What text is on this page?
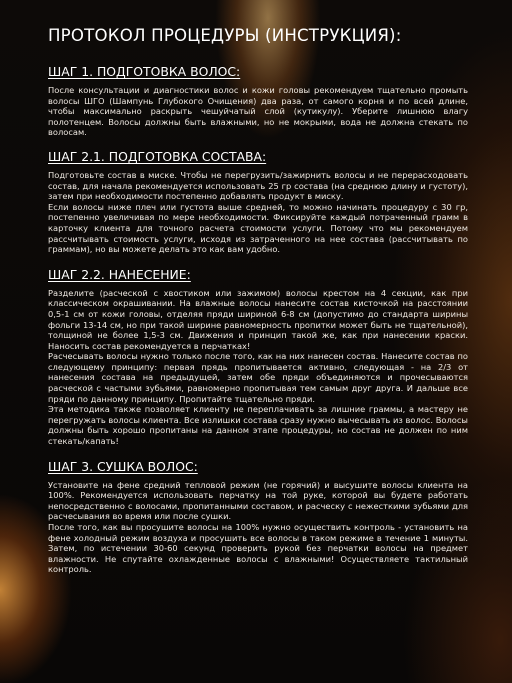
ПРОТОКОЛ ПРОЦЕДУРЫ (ИНСТРУКЦИЯ):
ШАГ 1. ПОДГОТОВКА ВОЛОС:

После консультации и диагностики волос и кожи головы рекомендуем тщательно промыть волосы ШГО (Шампунь Глубокого Очищения) два раза, от самого корня и по всей длине, чтобы максимально раскрыть чешуйчатый слой (кутикулу). Уберите лишнюю влагу полотенцем. Волосы должны быть влажными, но не мокрыми, вода не должна стекать по волосам.

ШАГ 2.1. ПОДГОТОВКА СОСТАВА:

Подготовьте состав в миске. Чтобы не перегрузить/зажирнить волосы и не перерасходовать состав, для начала рекомендуется использовать 25 гр состава (на среднюю длину и густоту), затем при необходимости постепенно добавлять продукт в миску.

Если волосы ниже плеч или густота выше средней, то можно начинать процедуру с 30 гр, постепенно увеличивая по мере необходимости. Фиксируйте каждый потраченный грамм в карточку клиента для точного расчета стоимости услуги. Потому что мы рекомендуем рассчитывать стоимость услуги, исходя из затраченного на нее состава (рассчитывать по граммам), но вы можете делать это как вам удобно.

ШАГ 2.2. НАНЕСЕНИЕ:

Разделите (расческой с хвостиком или зажимом) волосы крестом на 4 секции, как при классическом окрашивании. На влажные волосы нанесите состав кисточкой на расстоянии 0,5-1 см от кожи головы, отделяя пряди шириной 6-8 см (допустимо до стандарта ширины фольги 13-14 см, но при такой ширине равномерность пропитки может быть не тщательной), толщиной не более 1,5-3 см. Движения и принцип такой же, как при нанесении краски. Наносить состав рекомендуется в перчатках!

Расчесывать волосы нужно только после того, как на них нанесен состав. Нанесите состав по следующему принципу: первая прядь пропитывается активно, следующая - на 2/3 от нанесения состава на предыдущей, затем обе пряди объединяются и прочесываются расческой с частыми зубьями, равномерно пропитывая тем самым друг друга. И дальше все пряди по данному принципу. Пропитайте тщательно пряди.

Эта методика также позволяет клиенту не переплачивать за лишние граммы, а мастеру не перегружать волосы клиента. Все излишки состава сразу нужно вычесывать из волос. Волосы должны быть хорошо пропитаны на данном этапе процедуры, но состав не должен по ним стекать/капать!

ШАГ 3. СУШКА ВОЛОС:

Установите на фене средний тепловой режим (не горячий) и высушите волосы клиента на 100%. Рекомендуется использовать перчатку на той руке, которой вы будете работать непосредственно с волосами, пропитанными составом, и расческу с нежесткими зубьями для расчесывания во время или после сушки.

После того, как вы просушите волосы на 100% нужно осуществить контроль - установить на фене холодный режим воздуха и просушить все волосы в таком режиме в течение 1 минуты. Затем, по истечении 30-60 секунд проверить рукой без перчатки волосы на предмет влажности. Не спутайте охлажденные волосы с влажными! Осуществляете тактильный контроль.
